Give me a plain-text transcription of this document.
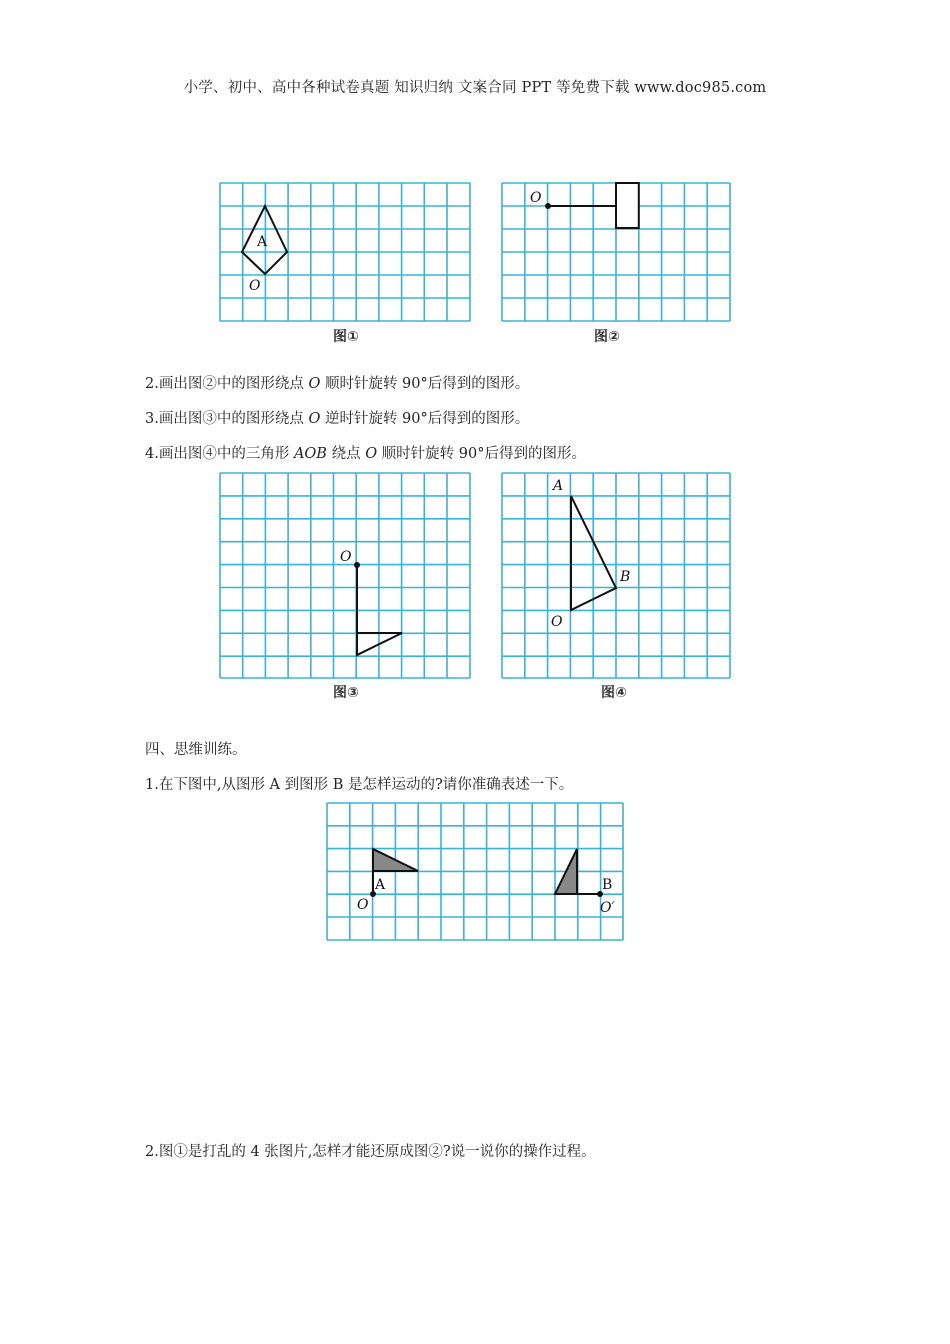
小学、初中、高中各种试卷真题 知识归纳 文案合同 PPT 等免费下载 www.doc985.com
A
O
图①
O
图②
2.画出图②中的图形绕点 O 顺时针旋转 90°后得到的图形。
3.画出图③中的图形绕点 O 逆时针旋转 90°后得到的图形。
4.画出图④中的三角形 AOB 绕点 O 顺时针旋转 90°后得到的图形。
O
图③
A
B
O
图④
四、思维训练。
1.在下图中,从图形 A 到图形 B 是怎样运动的?请你准确表述一下。
A
O
B
O′
2.图①是打乱的 4 张图片,怎样才能还原成图②?说一说你的操作过程。
